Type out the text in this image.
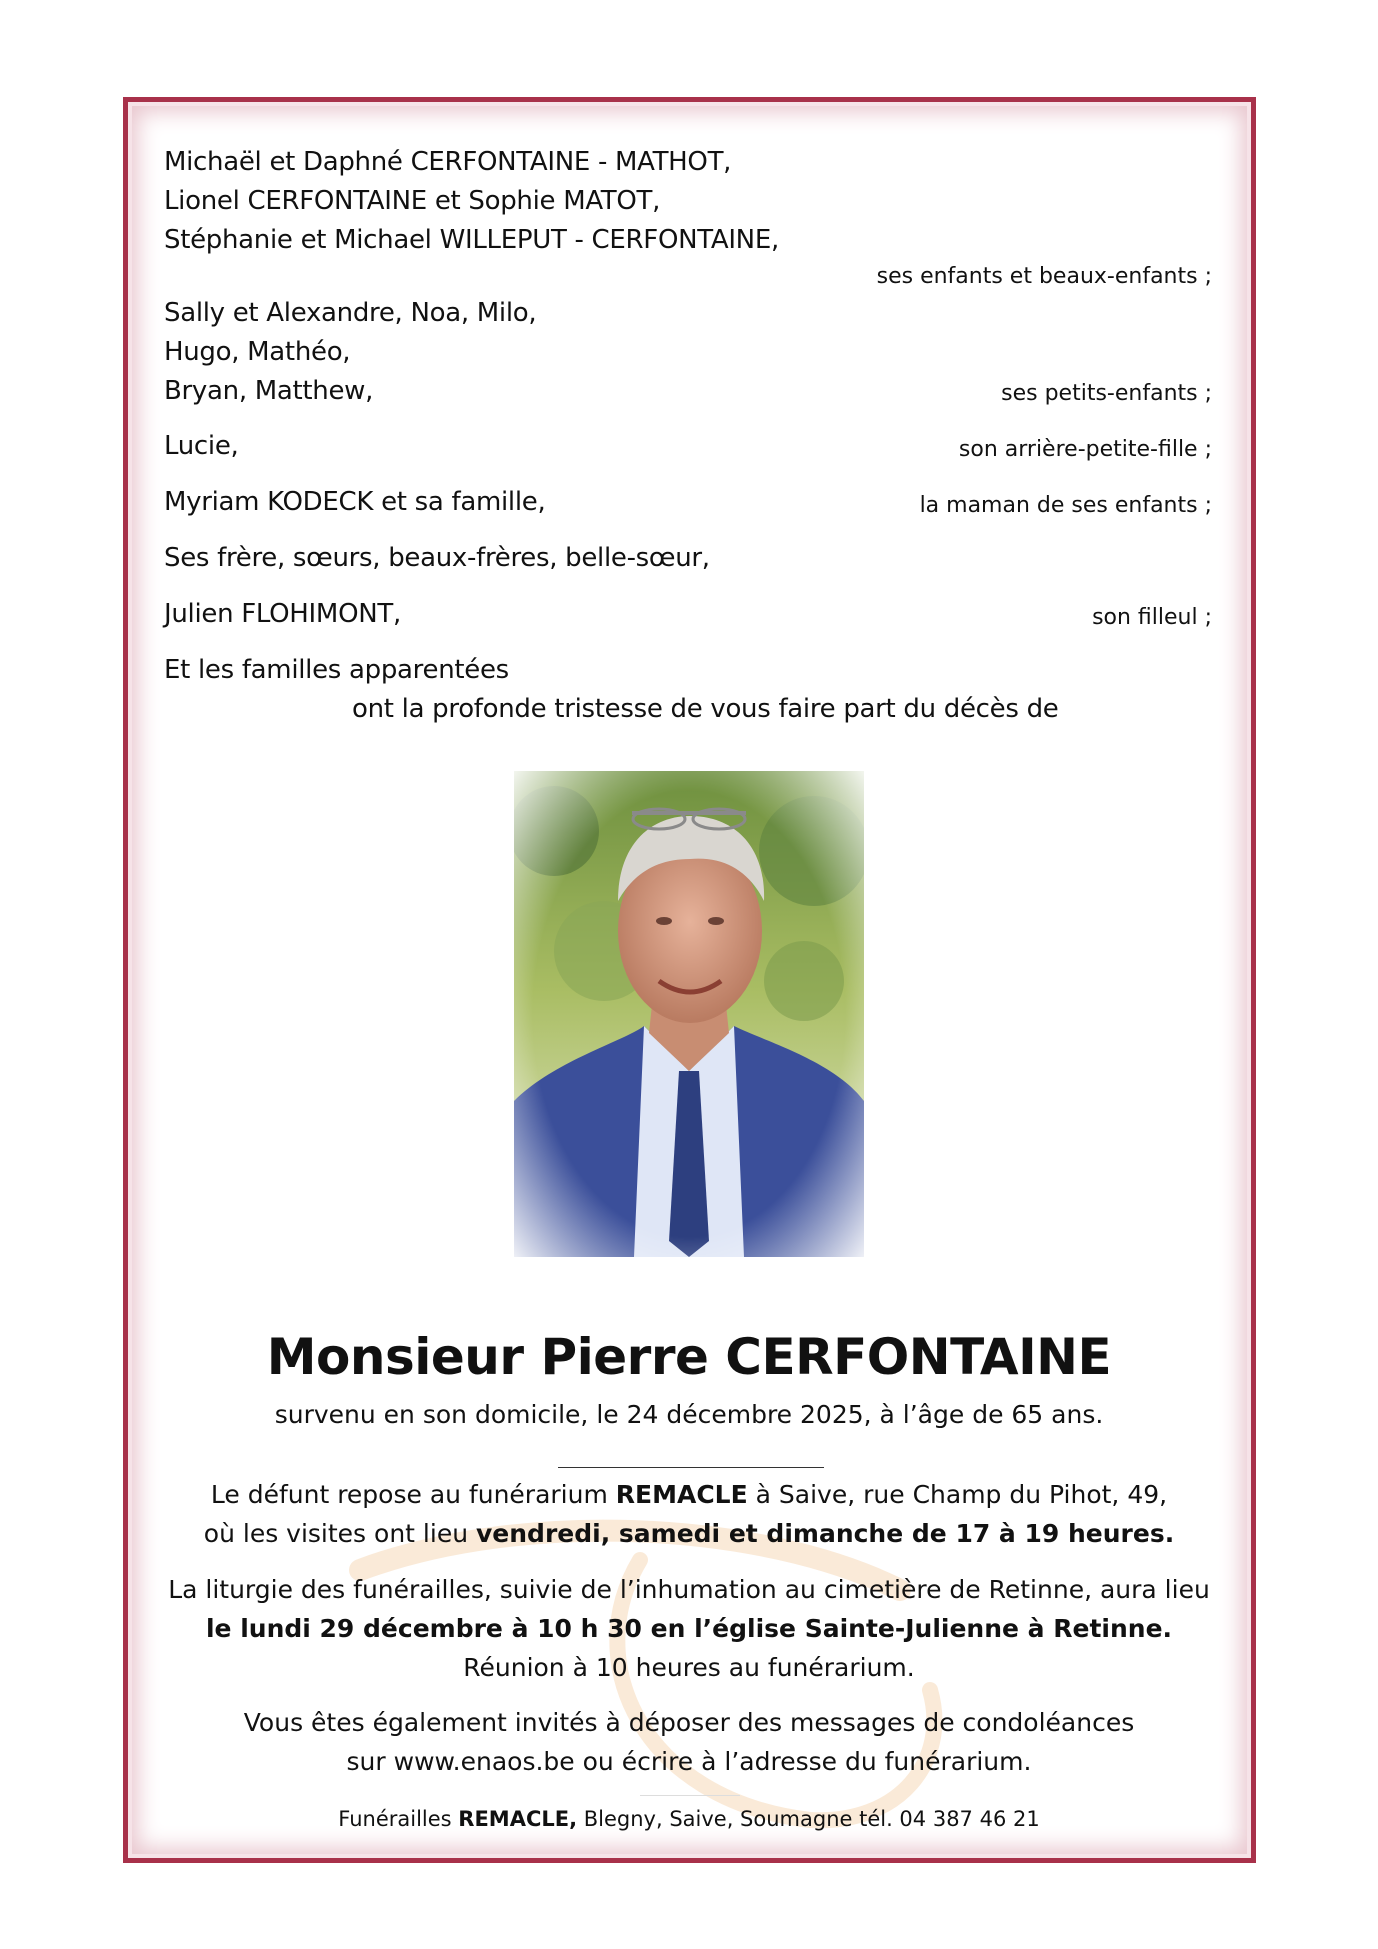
Michaël et Daphné CERFONTAINE - MATHOT,
Lionel CERFONTAINE et Sophie MATOT,
Stéphanie et Michael WILLEPUT - CERFONTAINE,
ses enfants et beaux-enfants ;
Sally et Alexandre, Noa, Milo,
Hugo, Mathéo,
Bryan, Matthew,	ses petits-enfants ;
Lucie,	son arrière-petite-fille ;
Myriam KODECK et sa famille,	la maman de ses enfants ;
Ses frère, sœurs, beaux-frères, belle-sœur,
Julien FLOHIMONT,	son filleul ;
Et les familles apparentées
ont la profonde tristesse de vous faire part du décès de
Monsieur Pierre CERFONTAINE
survenu en son domicile, le 24 décembre 2025, à l’âge de 65 ans.
Le défunt repose au funérarium REMACLE à Saive, rue Champ du Pihot, 49,
où les visites ont lieu vendredi, samedi et dimanche de 17 à 19 heures.
La liturgie des funérailles, suivie de l’inhumation au cimetière de Retinne, aura lieu
le lundi 29 décembre à 10 h 30 en l’église Sainte-Julienne à Retinne.
Réunion à 10 heures au funérarium.
Vous êtes également invités à déposer des messages de condoléances
sur www.enaos.be ou écrire à l’adresse du funérarium.
Funérailles REMACLE, Blegny, Saive, Soumagne tél. 04 387 46 21
